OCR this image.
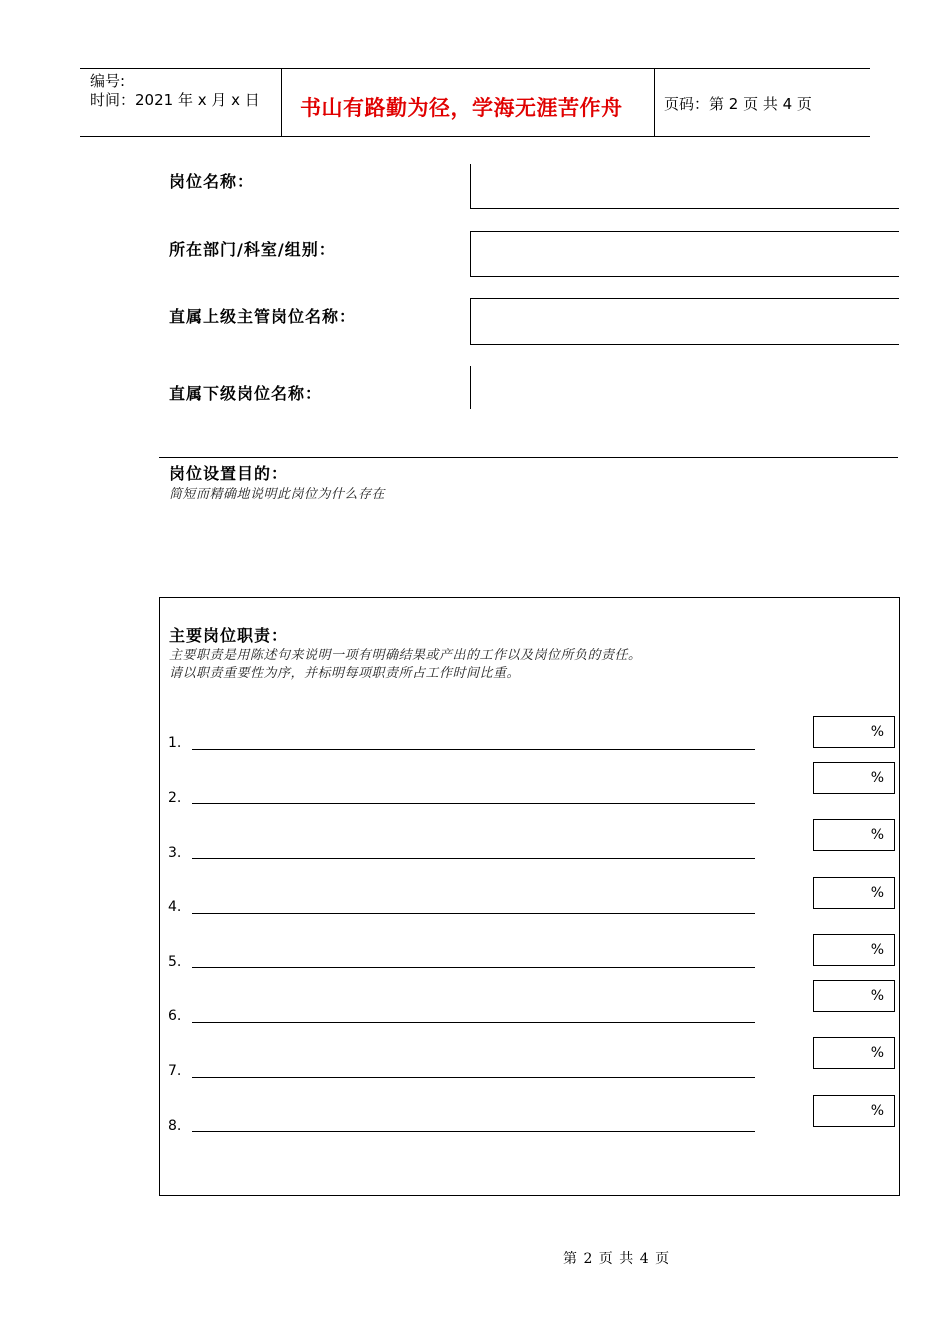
编号:
时间：2021 年 x 月 x 日 书山有路勤为径，学海无涯苦作舟	页码：第 2 页 共 4 页
岗位名称：
所在部门/科室/组别：
直属上级主管岗位名称：
直属下级岗位名称：
岗位设置目的：
简短而精确地说明此岗位为什么存在
主要岗位职责：
主要职责是用陈述句来说明一项有明确结果或产出的工作以及岗位所负的责任。
请以职责重要性为序，并标明每项职责所占工作时间比重。
1.
%
2.
%
3.
%
4.
%
5.
%
6.
%
7.
%
8.
%
第 2 页 共 4 页
